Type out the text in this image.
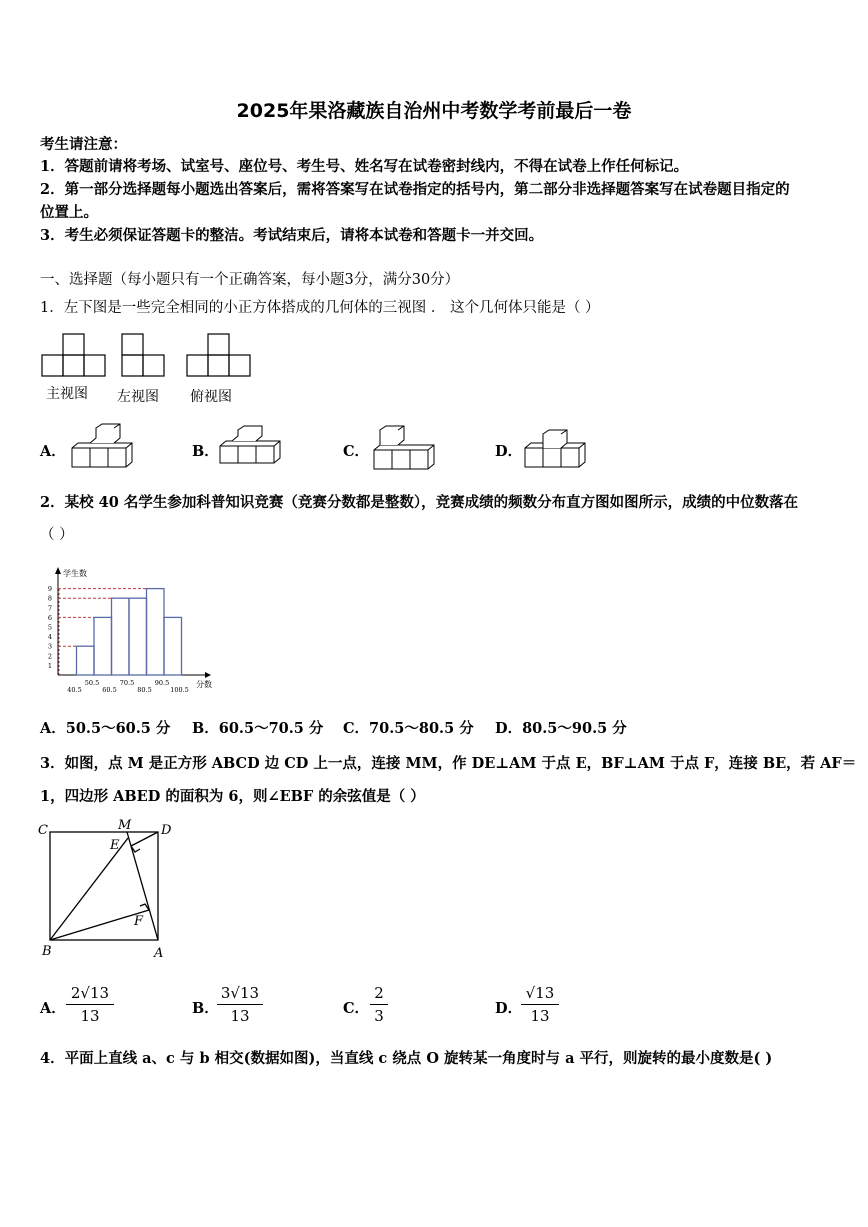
2025年果洛藏族自治州中考数学考前最后一卷
考生请注意：
1．答题前请将考场、试室号、座位号、考生号、姓名写在试卷密封线内，不得在试卷上作任何标记。
2．第一部分选择题每小题选出答案后，需将答案写在试卷指定的括号内，第二部分非选择题答案写在试卷题目指定的
位置上。
3．考生必须保证答题卡的整洁。考试结束后，请将本试卷和答题卡一并交回。
一、选择题（每小题只有一个正确答案，每小题3分，满分30分）
1．左下图是一些完全相同的小正方体搭成的几何体的三视图 ． 这个几何体只能是（ ）
主视图 左视图 俯视图
A．	B．	C．	D．
2．某校 40 名学生参加科普知识竞赛（竞赛分数都是整数），竞赛成绩的频数分布直方图如图所示，成绩的中位数落在
（ ）
学生数
分数
1
2
3
4
5
6
7
8
9
40.5
50.5
60.5
70.5
80.5
90.5
100.5
A．50.5～60.5 分 B．60.5～70.5 分 C．70.5～80.5 分 D．80.5～90.5 分
3．如图，点 M 是正方形 ABCD 边 CD 上一点，连接 MM，作 DE⊥AM 于点 E，BF⊥AM 于点 F，连接 BE，若 AF＝
1，四边形 ABED 的面积为 6，则∠EBF 的余弦值是（ ）
C	M D
E
F
B	A
A．
2√13
13	B．
3√13
13	C．
2
3	D．
√13
13
4．平面上直线 a、c 与 b 相交(数据如图)，当直线 c 绕点 O 旋转某一角度时与 a 平行，则旋转的最小度数是( )
